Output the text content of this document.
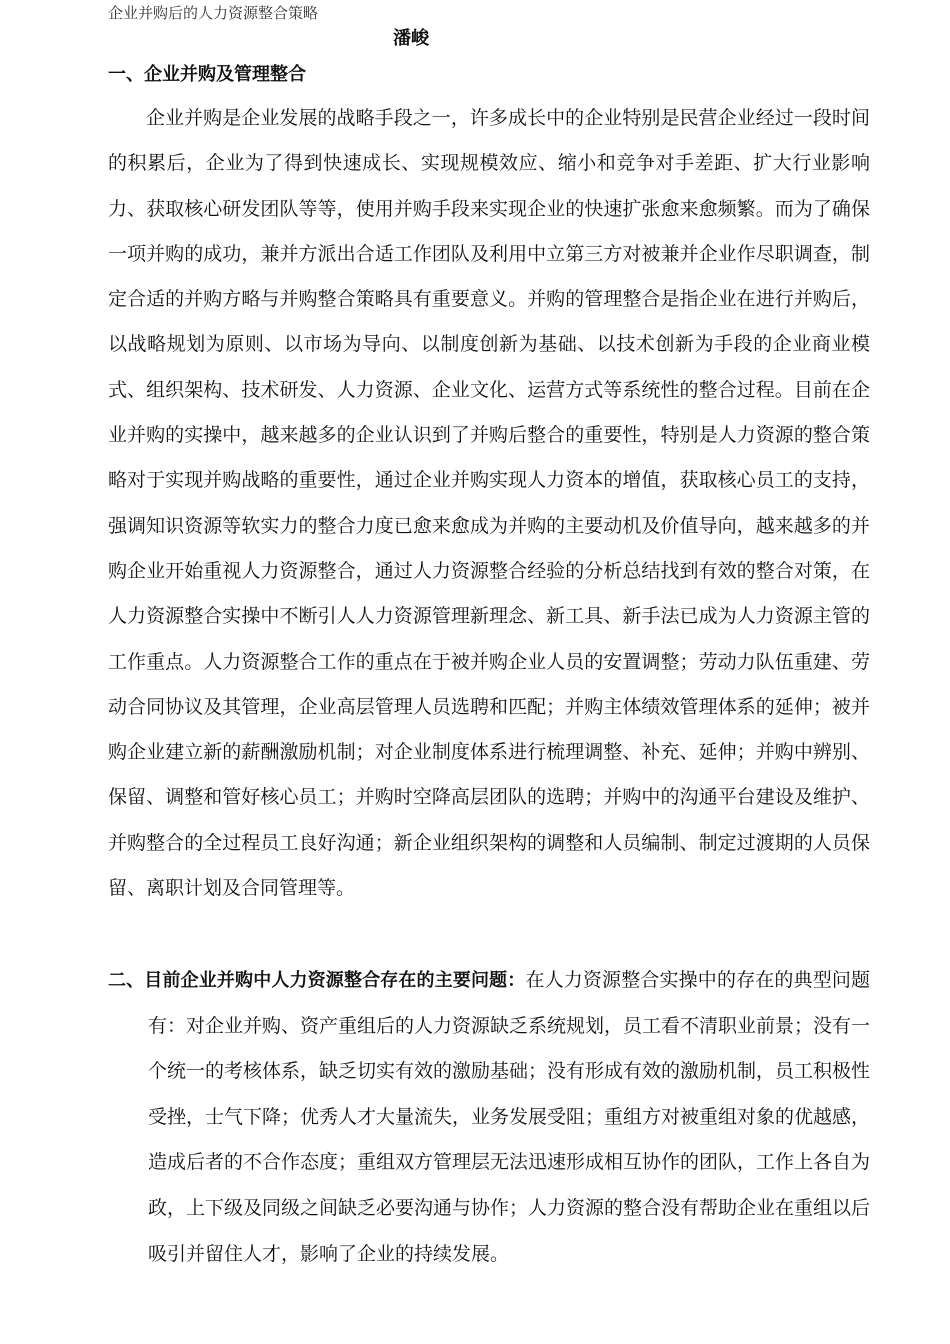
企业并购后的人力资源整合策略
潘峻
一、企业并购及管理整合

企业并购是企业发展的战略手段之一，许多成长中的企业特别是民营企业经过一段时间的积累后，企业为了得到快速成长、实现规模效应、缩小和竞争对手差距、扩大行业影响力、获取核心研发团队等等，使用并购手段来实现企业的快速扩张愈来愈频繁。而为了确保一项并购的成功，兼并方派出合适工作团队及利用中立第三方对被兼并企业作尽职调查，制定合适的并购方略与并购整合策略具有重要意义。并购的管理整合是指企业在进行并购后，以战略规划为原则、以市场为导向、以制度创新为基础、以技术创新为手段的企业商业模式、组织架构、技术研发、人力资源、企业文化、运营方式等系统性的整合过程。目前在企业并购的实操中，越来越多的企业认识到了并购后整合的重要性，特别是人力资源的整合策略对于实现并购战略的重要性，通过企业并购实现人力资本的增值，获取核心员工的支持，强调知识资源等软实力的整合力度已愈来愈成为并购的主要动机及价值导向，越来越多的并购企业开始重视人力资源整合，通过人力资源整合经验的分析总结找到有效的整合对策，在人力资源整合实操中不断引人人力资源管理新理念、新工具、新手法已成为人力资源主管的工作重点。人力资源整合工作的重点在于被并购企业人员的安置调整；劳动力队伍重建、劳动合同协议及其管理，企业高层管理人员选聘和匹配；并购主体绩效管理体系的延伸；被并购企业建立新的薪酬激励机制；对企业制度体系进行梳理调整、补充、延伸；并购中辨别、保留、调整和管好核心员工；并购时空降高层团队的选聘；并购中的沟通平台建设及维护、并购整合的全过程员工良好沟通；新企业组织架构的调整和人员编制、制定过渡期的人员保留、离职计划及合同管理等。

二、目前企业并购中人力资源整合存在的主要问题：在人力资源整合实操中的存在的典型问题有：对企业并购、资产重组后的人力资源缺乏系统规划，员工看不清职业前景；没有一个统一的考核体系，缺乏切实有效的激励基础；没有形成有效的激励机制，员工积极性受挫，士气下降；优秀人才大量流失，业务发展受阻；重组方对被重组对象的优越感，造成后者的不合作态度；重组双方管理层无法迅速形成相互协作的团队，工作上各自为政，上下级及同级之间缺乏必要沟通与协作；人力资源的整合没有帮助企业在重组以后吸引并留住人才，影响了企业的持续发展。
